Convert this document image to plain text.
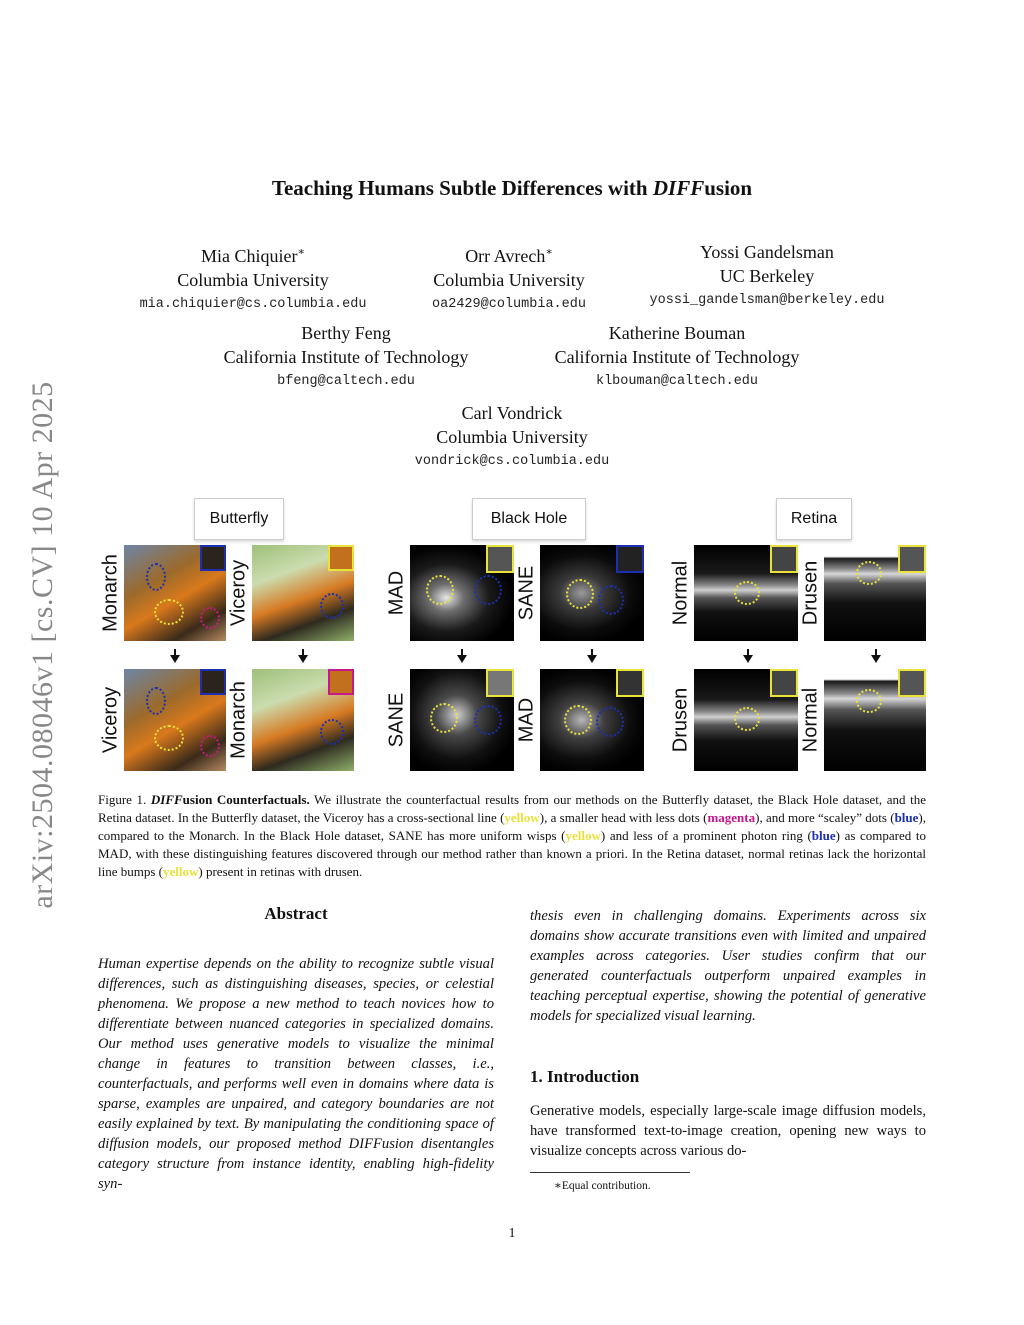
arXiv:2504.08046v1 [cs.CV] 10 Apr 2025
Teaching Humans Subtle Differences with DIFFusion
Mia Chiquier∗
Columbia University
mia.chiquier@cs.columbia.edu
Orr Avrech∗
Columbia University
oa2429@columbia.edu
Yossi Gandelsman
UC Berkeley
yossi_gandelsman@berkeley.edu
Berthy Feng
California Institute of Technology
bfeng@caltech.edu
Katherine Bouman
California Institute of Technology
klbouman@caltech.edu
Carl Vondrick
Columbia University
vondrick@cs.columbia.edu
Butterfly	Black Hole	Retina
Monarch	Viceroy
Viceroy	Monarch
MAD	SANE
SANE	MAD
Normal	Drusen
Drusen	Normal
Figure 1. DIFFusion Counterfactuals. We illustrate the counterfactual results from our methods on the Butterfly dataset, the Black Hole dataset, and the Retina dataset. In the Butterfly dataset, the Viceroy has a cross-sectional line (yellow), a smaller head with less dots (magenta), and more “scaley” dots (blue), compared to the Monarch. In the Black Hole dataset, SANE has more uniform wisps (yellow) and less of a prominent photon ring (blue) as compared to MAD, with these distinguishing features discovered through our method rather than known a priori. In the Retina dataset, normal retinas lack the horizontal line bumps (yellow) present in retinas with drusen.
Abstract
Human expertise depends on the ability to recognize subtle visual differences, such as distinguishing diseases, species, or celestial phenomena. We propose a new method to teach novices how to differentiate between nuanced categories in specialized domains. Our method uses generative models to visualize the minimal change in features to transition between classes, i.e., counterfactuals, and performs well even in domains where data is sparse, examples are unpaired, and category boundaries are not easily explained by text. By manipulating the conditioning space of diffusion models, our proposed method DIFFusion disentangles category structure from instance identity, enabling high-fidelity syn-
thesis even in challenging domains. Experiments across six domains show accurate transitions even with limited and unpaired examples across categories. User studies confirm that our generated counterfactuals outperform unpaired examples in teaching perceptual expertise, showing the potential of generative models for specialized visual learning.
1. Introduction
Generative models, especially large-scale image diffusion models, have transformed text-to-image creation, opening new ways to visualize concepts across various do-
∗Equal contribution.
1
